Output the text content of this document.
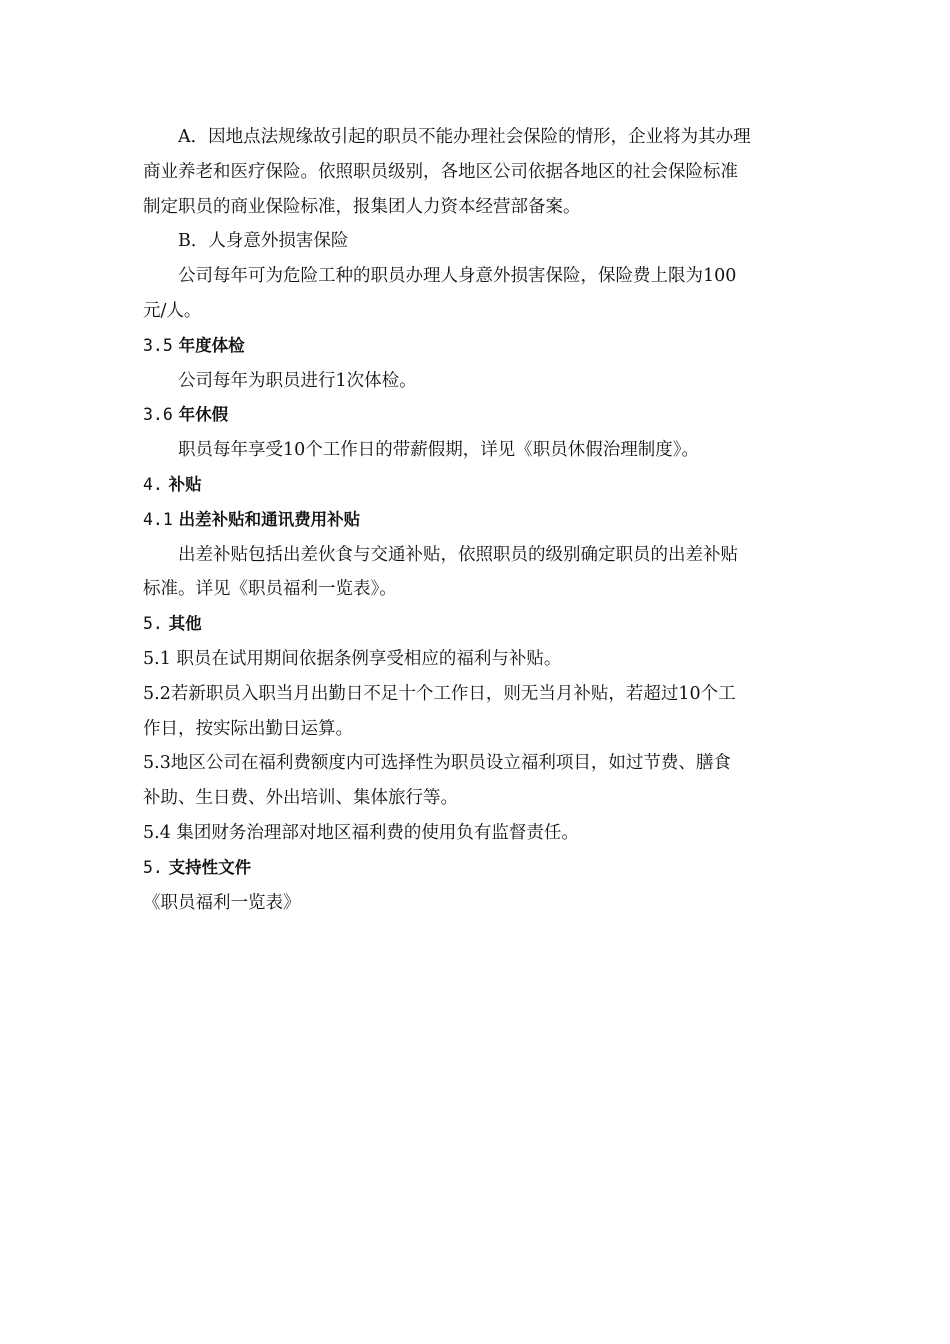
A．因地点法规缘故引起的职员不能办理社会保险的情形，企业将为其办理
商业养老和医疗保险。依照职员级别，各地区公司依据各地区的社会保险标准
制定职员的商业保险标准，报集团人力资本经营部备案。
B．人身意外损害保险
公司每年可为危险工种的职员办理人身意外损害保险，保险费上限为100
元/人。
3.5 年度体检
公司每年为职员进行1次体检。
3.6 年休假
职员每年享受10个工作日的带薪假期，详见《职员休假治理制度》。
4. 补贴
4.1 出差补贴和通讯费用补贴
出差补贴包括出差伙食与交通补贴，依照职员的级别确定职员的出差补贴
标准。详见《职员福利一览表》。
5. 其他
5.1 职员在试用期间依据条例享受相应的福利与补贴。
5.2若新职员入职当月出勤日不足十个工作日，则无当月补贴，若超过10个工
作日，按实际出勤日运算。
5.3地区公司在福利费额度内可选择性为职员设立福利项目，如过节费、膳食
补助、生日费、外出培训、集体旅行等。
5.4 集团财务治理部对地区福利费的使用负有监督责任。
5. 支持性文件
《职员福利一览表》
